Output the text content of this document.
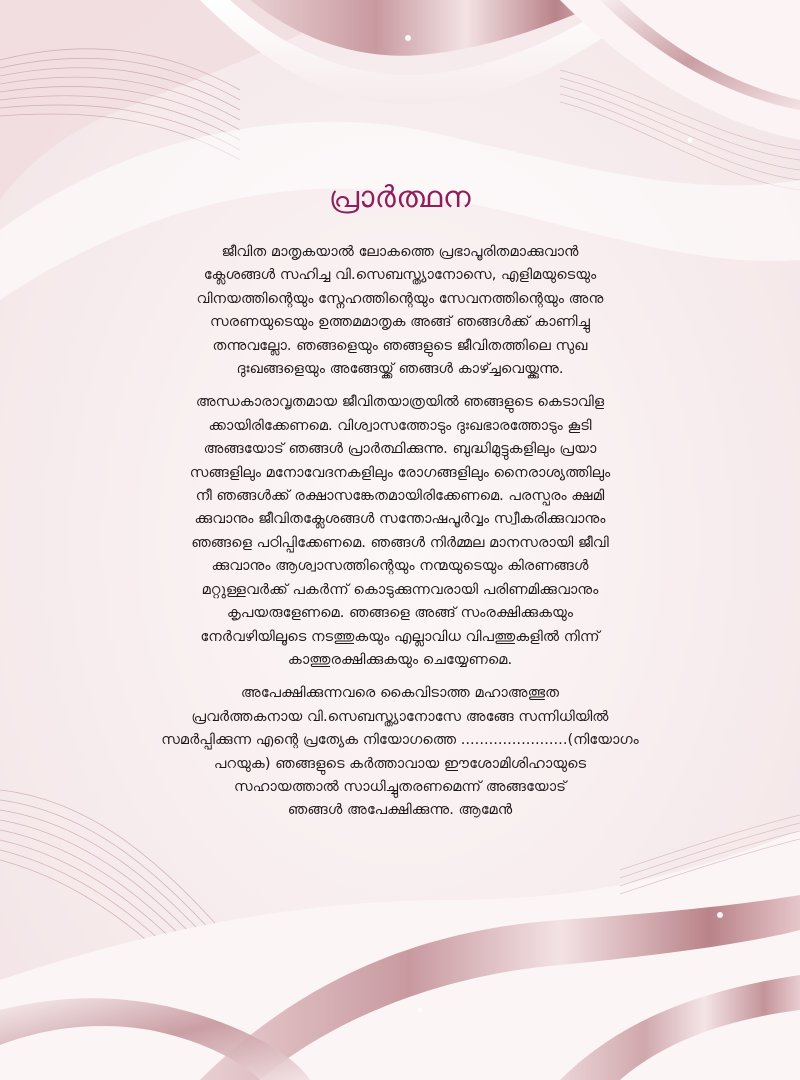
പ്രാർത്ഥന

ജീവിത മാതൃകയാൽ ലോകത്തെ പ്രഭാപൂരിതമാക്കുവാൻ
ക്ലേശങ്ങൾ സഹിച്ച വി.സെബസ്ത്യാനോസെ, എളിമയുടെയും
വിനയത്തിന്റെയും സ്നേഹത്തിന്റെയും സേവനത്തിന്റെയും അനു
സരണയുടെയും ഉത്തമമാതൃക അങ്ങ് ഞങ്ങൾക്ക് കാണിച്ചു
തന്നുവല്ലോ. ഞങ്ങളെയും ഞങ്ങളുടെ ജീവിതത്തിലെ സുഖ
ദുഃഖങ്ങളെയും അങ്ങേയ്ക്ക് ഞങ്ങൾ കാഴ്ച്ചവെയ്ക്കുന്നു.

അന്ധകാരാവൃതമായ ജീവിതയാത്രയിൽ ഞങ്ങളുടെ കെടാവിള
ക്കായിരിക്കേണമെ. വിശ്വാസത്തോടും ദുഃഖഭാരത്തോടും കൂടി
അങ്ങയോട് ഞങ്ങൾ പ്രാർത്ഥിക്കുന്നു. ബുദ്ധിമുട്ടുകളിലും പ്രയാ
സങ്ങളിലും മനോവേദനകളിലും രോഗങ്ങളിലും നൈരാശ്യത്തിലും
നീ ഞങ്ങൾക്ക് രക്ഷാസങ്കേതമായിരിക്കേണമെ. പരസ്പരം ക്ഷമി
ക്കുവാനും ജീവിതക്ലേശങ്ങൾ സന്തോഷപൂർവ്വം സ്വീകരിക്കുവാനും
ഞങ്ങളെ പഠിപ്പിക്കേണമെ. ഞങ്ങൾ നിർമ്മല മാനസരായി ജീവി
ക്കുവാനും ആശ്വാസത്തിന്റെയും നന്മയുടെയും കിരണങ്ങൾ
മറ്റുള്ളവർക്ക് പകർന്ന് കൊടുക്കുന്നവരായി പരിണമിക്കുവാനും
കൃപയരുളേണമെ. ഞങ്ങളെ അങ്ങ് സംരക്ഷിക്കുകയും
നേർവഴിയിലൂടെ നടത്തുകയും എല്ലാവിധ വിപത്തുകളിൽ നിന്ന്
കാത്തുരക്ഷിക്കുകയും ചെയ്യേണമെ.

അപേക്ഷിക്കുന്നവരെ കൈവിടാത്ത മഹാഅത്ഭുത
പ്രവർത്തകനായ വി.സെബസ്ത്യാനോസേ അങ്ങേ സന്നിധിയിൽ
സമർപ്പിക്കുന്ന എന്റെ പ്രത്യേക നിയോഗത്തെ .......................(നിയോഗം
പറയുക) ഞങ്ങളുടെ കർത്താവായ ഈശോമിശിഹായുടെ
സഹായത്താൽ സാധിച്ചുതരണമെന്ന് അങ്ങയോട്
ഞങ്ങൾ അപേക്ഷിക്കുന്നു. ആമേൻ
